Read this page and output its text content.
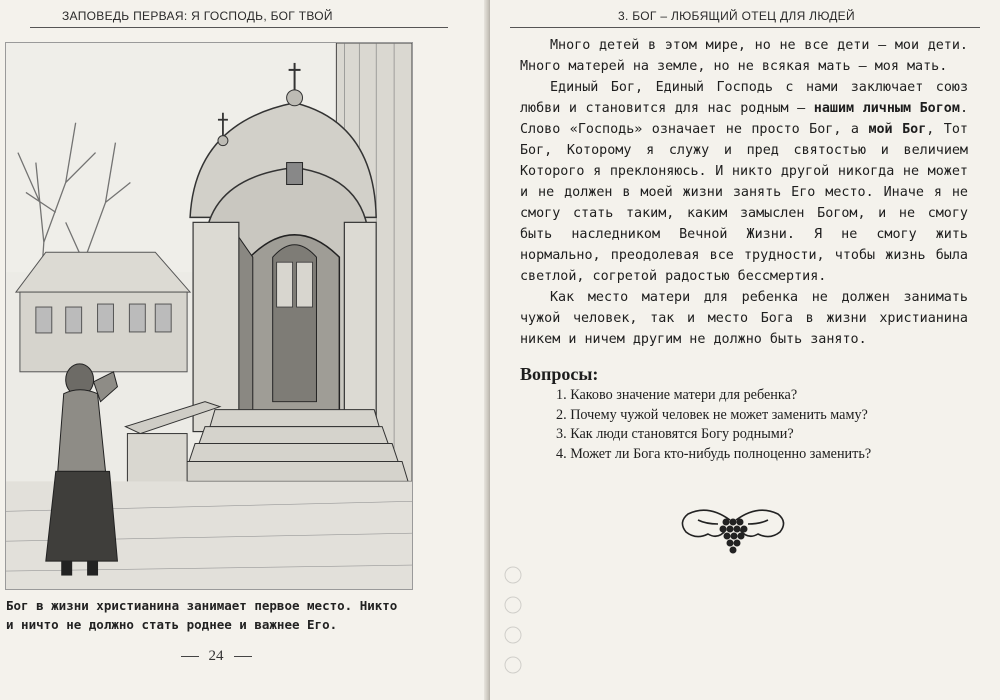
ЗАПОВЕДЬ ПЕРВАЯ: Я ГОСПОДЬ, БОГ ТВОЙ
Бог в жизни христианина занимает первое место. Никто
и ничто не должно стать роднее и важнее Его.
24
3. БОГ – ЛЮБЯЩИЙ ОТЕЦ ДЛЯ ЛЮДЕЙ

Много детей в этом мире, но не все дети – мои дети. Много матерей на земле, но не всякая мать – моя мать.

Единый Бог, Единый Господь с нами заключает союз любви и становится для нас родным – нашим личным Богом. Слово «Господь» означает не просто Бог, а мой Бог, Тот Бог, Которому я служу и пред святостью и величием Которого я преклоняюсь. И никто другой никогда не может и не должен в моей жизни занять Его место. Иначе я не смогу стать таким, каким замыслен Богом, и не смогу быть наследником Вечной Жизни. Я не смогу жить нормально, преодолевая все трудности, чтобы жизнь была светлой, согретой радостью бессмертия.

Как место матери для ребенка не должен занимать чужой человек, так и место Бога в жизни христианина никем и ничем другим не должно быть занято.

Вопросы:
1. Каково значение матери для ребенка?
2. Почему чужой человек не может заменить маму?
3. Как люди становятся Богу родными?
4. Может ли Бога кто-нибудь полноценно заменить?
